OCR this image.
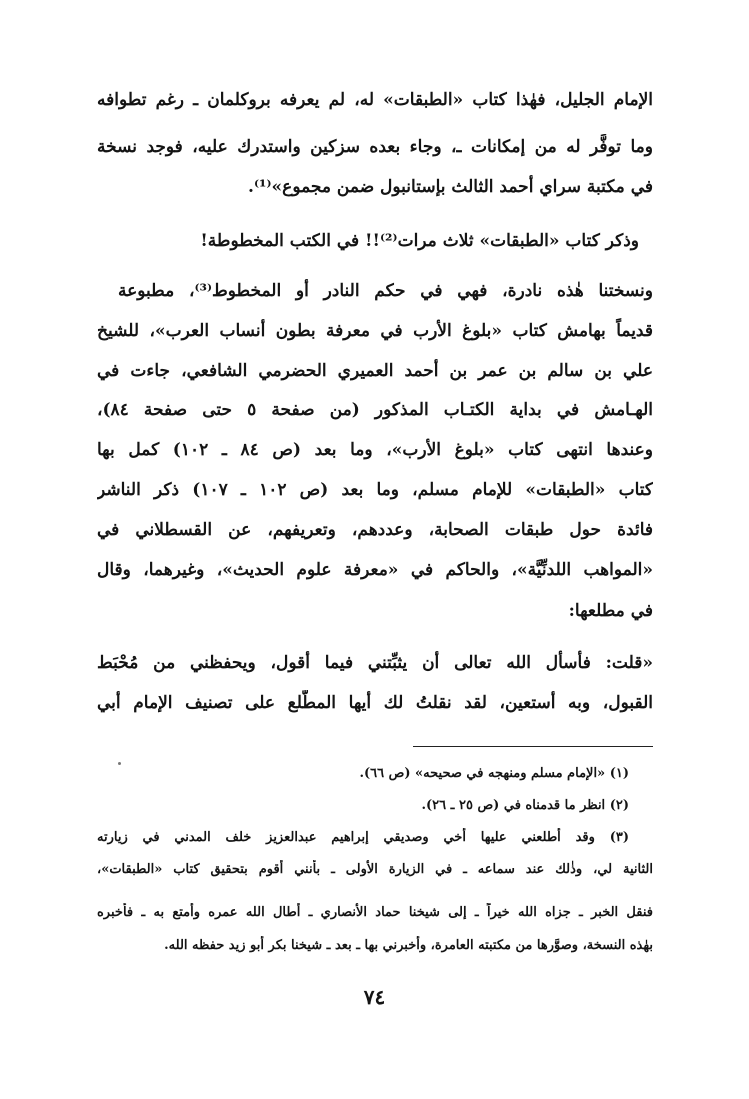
الإمام الجليل، فهٰذا كتاب «الطبقات» له، لم يعرفه بروكلمان ـ رغم تطوافه
وما توفَّر له من إمكانات ـ، وجاء بعده سزكين واستدرك عليه، فوجد نسخة
في مكتبة سراي أحمد الثالث بإستانبول ضمن مجموع»⁽¹⁾.
وذكر كتاب «الطبقات» ثلاث مرات⁽²⁾!! في الكتب المخطوطة!
ونسختنا هٰذه نادرة، فهي في حكم النادر أو المخطوط⁽³⁾، مطبوعة
قديماً بهامش كتاب «بلوغ الأرب في معرفة بطون أنساب العرب»، للشيخ
علي بن سالم بن عمر بن أحمد العميري الحضرمي الشافعي، جاءت في
الهـامش في بداية الكتـاب المذكور (من صفحة ٥ حتى صفحة ٨٤)،
وعندها انتهى كتاب «بلوغ الأرب»، وما بعد (ص ٨٤ ـ ١٠٢) كمل بها
كتاب «الطبقات» للإمام مسلم، وما بعد (ص ١٠٢ ـ ١٠٧) ذكر الناشر
فائدة حول طبقات الصحابة، وعددهم، وتعريفهم، عن القسطلاني في
«المواهب اللدنِّيَّة»، والحاكم في «معرفة علوم الحديث»، وغيرهما، وقال
في مطلعها:
«قلت: فأسأل الله تعالى أن يثبِّتني فيما أقول، ويحفظني من مُحْبَط
القبول، وبه أستعين، لقد نقلتُ لك أيها المطَّلع على تصنيف الإمام أبي
(١) «الإمام مسلم ومنهجه في صحيحه» (ص ٦٦).
(٢) انظر ما قدمناه في (ص ٢٥ ـ ٢٦).
(٣) وقد أطلعني عليها أخي وصديقي إبراهيم عبدالعزيز خلف المدني في زيارته
الثانية لي، وذٰلك عند سماعه ـ في الزيارة الأولى ـ بأنني أقوم بتحقيق كتاب «الطبقات»،
فنقل الخبر ـ جزاه الله خيراً ـ إلى شيخنا حماد الأنصاري ـ أطال الله عمره وأمتع به ـ فأخبره
بهٰذه النسخة، وصوَّرها من مكتبته العامرة، وأخبرني بها ـ بعد ـ شيخنا بكر أبو زيد حفظه الله.
٧٤
